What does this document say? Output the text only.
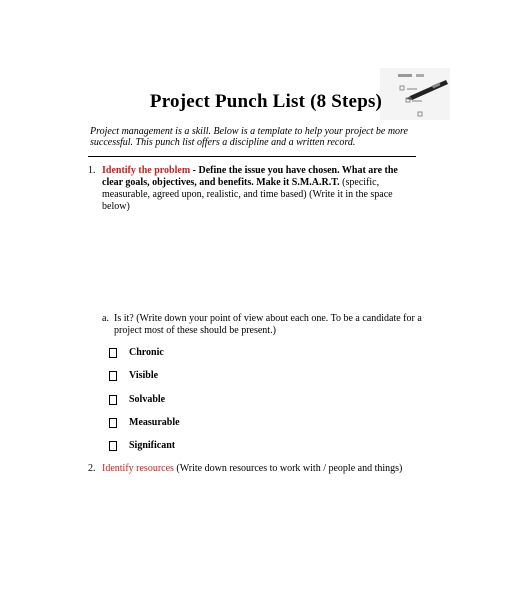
Project Punch List (8 Steps)
Project management is a skill. Below is a template to help your project be more successful. This punch list offers a discipline and a written record.
1. Identify the problem - Define the issue you have chosen. What are the clear goals, objectives, and benefits. Make it S.M.A.R.T. (specific, measurable, agreed upon, realistic, and time based) (Write it in the space below)
a. Is it? (Write down your point of view about each one. To be a candidate for a project most of these should be present.)
Chronic
Visible
Solvable
Measurable
Significant
2. Identify resources (Write down resources to work with / people and things)
